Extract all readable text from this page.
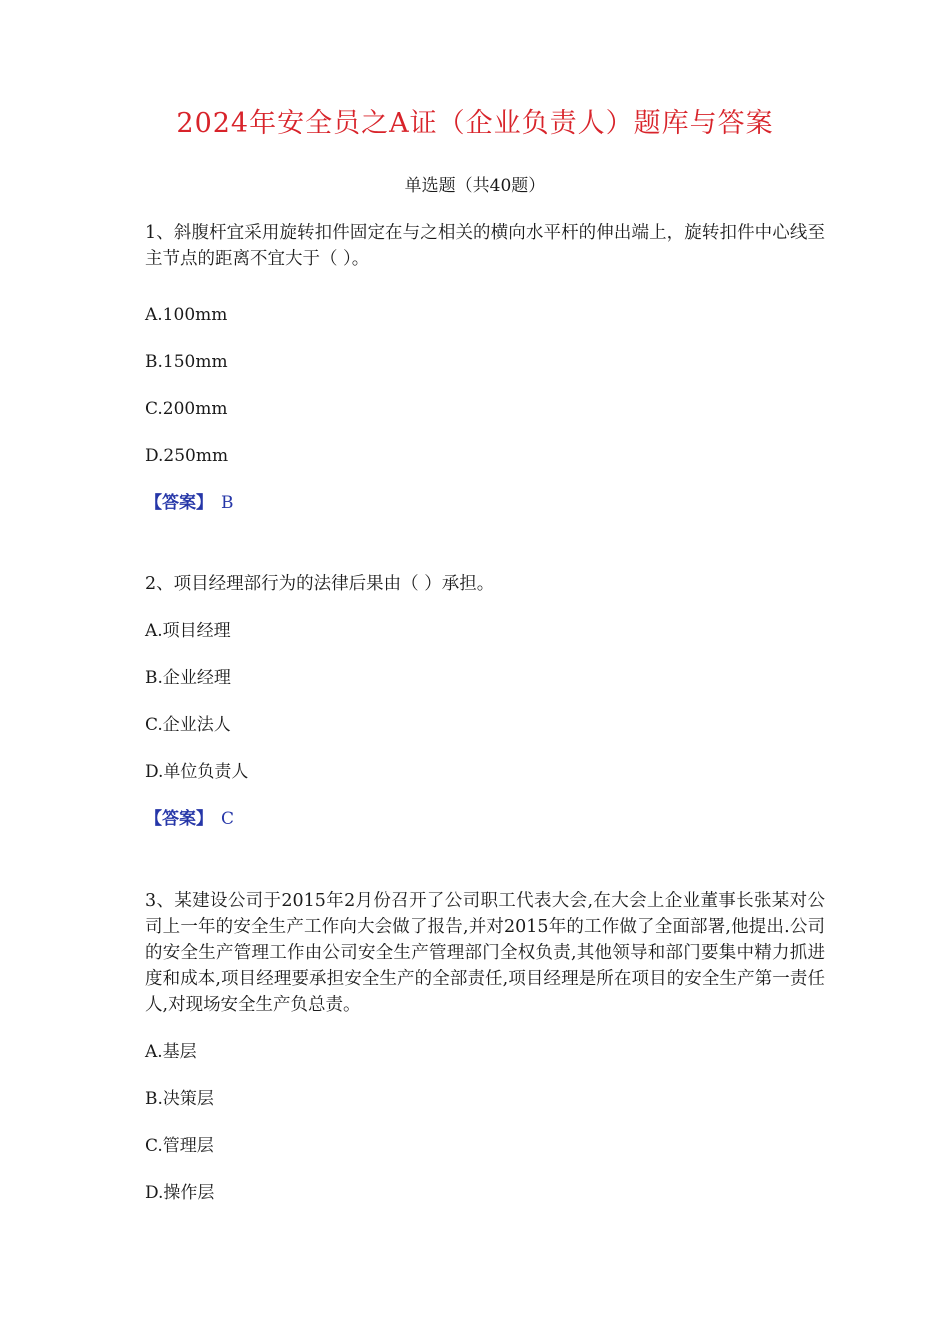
2024年安全员之A证（企业负责人）题库与答案
单选题（共40题）

1、斜腹杆宜采用旋转扣件固定在与之相关的横向水平杆的伸出端上，旋转扣件中心线至主节点的距离不宜大于（ ）。

A.100mm
B.150mm
C.200mm
D.250mm
【答案】 B

2、项目经理部行为的法律后果由（ ）承担。

A.项目经理
B.企业经理
C.企业法人
D.单位负责人
【答案】 C

3、某建设公司于2015年2月份召开了公司职工代表大会,在大会上企业董事长张某对公司上一年的安全生产工作向大会做了报告,并对2015年的工作做了全面部署,他提出.公司的安全生产管理工作由公司安全生产管理部门全权负责,其他领导和部门要集中精力抓进度和成本,项目经理要承担安全生产的全部责任,项目经理是所在项目的安全生产第一责任人,对现场安全生产负总责。

A.基层
B.决策层
C.管理层
D.操作层
